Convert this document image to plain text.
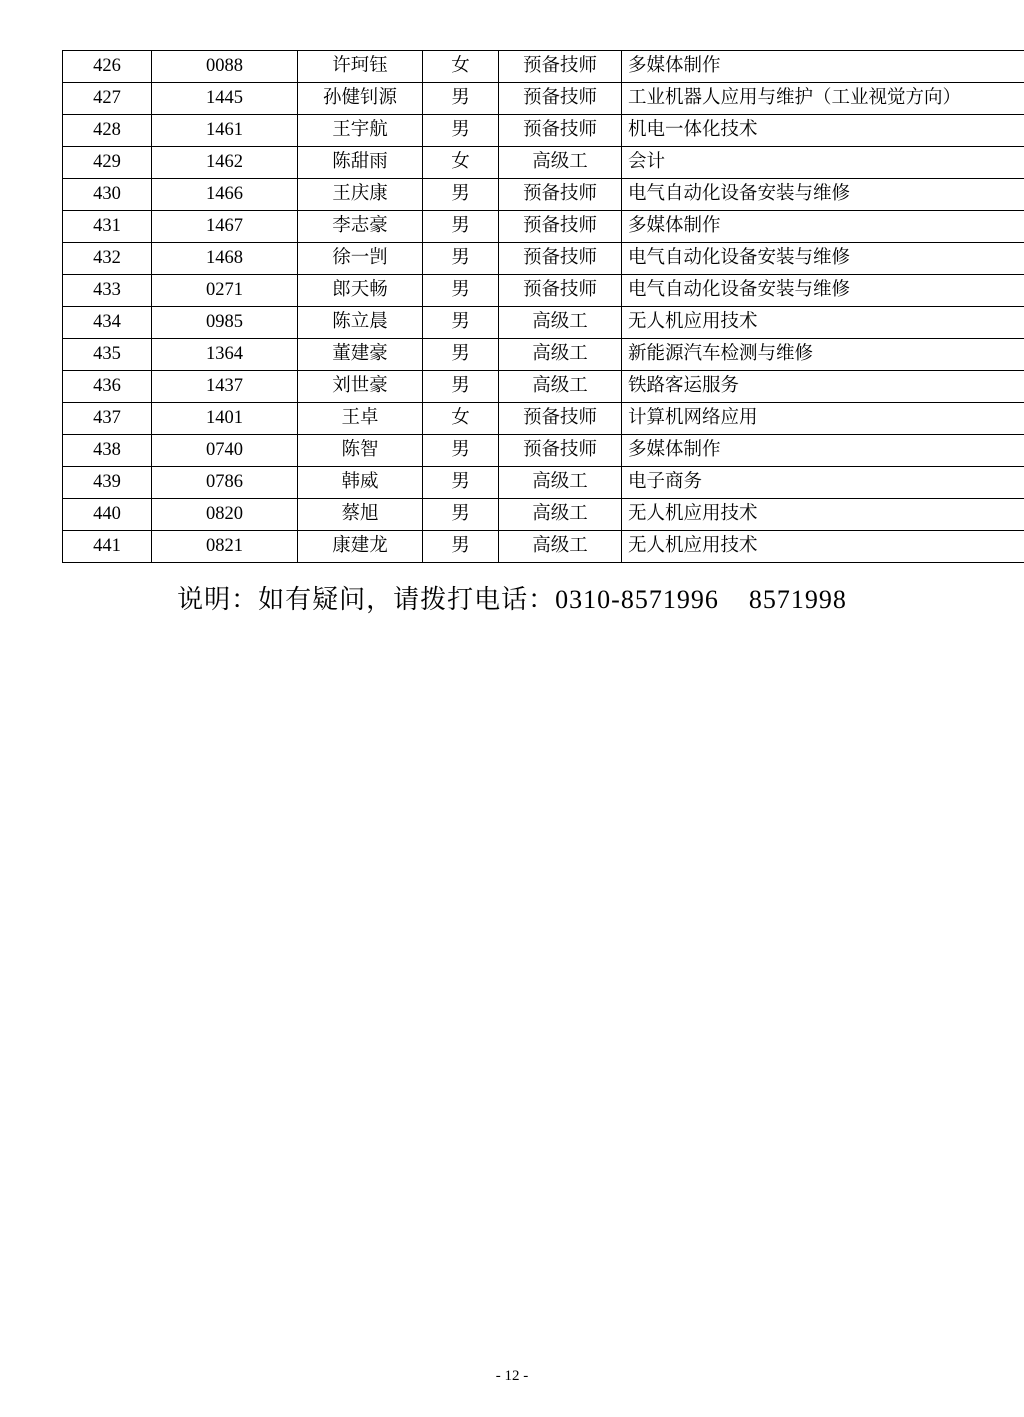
426	0088	许珂钰	女	预备技师	多媒体制作
427	1445	孙健钊源	男	预备技师	工业机器人应用与维护（工业视觉方向）
428	1461	王宇航	男	预备技师	机电一体化技术
429	1462	陈甜雨	女	高级工	会计
430	1466	王庆康	男	预备技师	电气自动化设备安装与维修
431	1467	李志豪	男	预备技师	多媒体制作
432	1468	徐一剀	男	预备技师	电气自动化设备安装与维修
433	0271	郎天畅	男	预备技师	电气自动化设备安装与维修
434	0985	陈立晨	男	高级工	无人机应用技术
435	1364	董建豪	男	高级工	新能源汽车检测与维修
436	1437	刘世豪	男	高级工	铁路客运服务
437	1401	王卓	女	预备技师	计算机网络应用
438	0740	陈智	男	预备技师	多媒体制作
439	0786	韩威	男	高级工	电子商务
440	0820	蔡旭	男	高级工	无人机应用技术
441	0821	康建龙	男	高级工	无人机应用技术
说明：如有疑问，请拨打电话：0310-8571996    8571998
- 12 -
